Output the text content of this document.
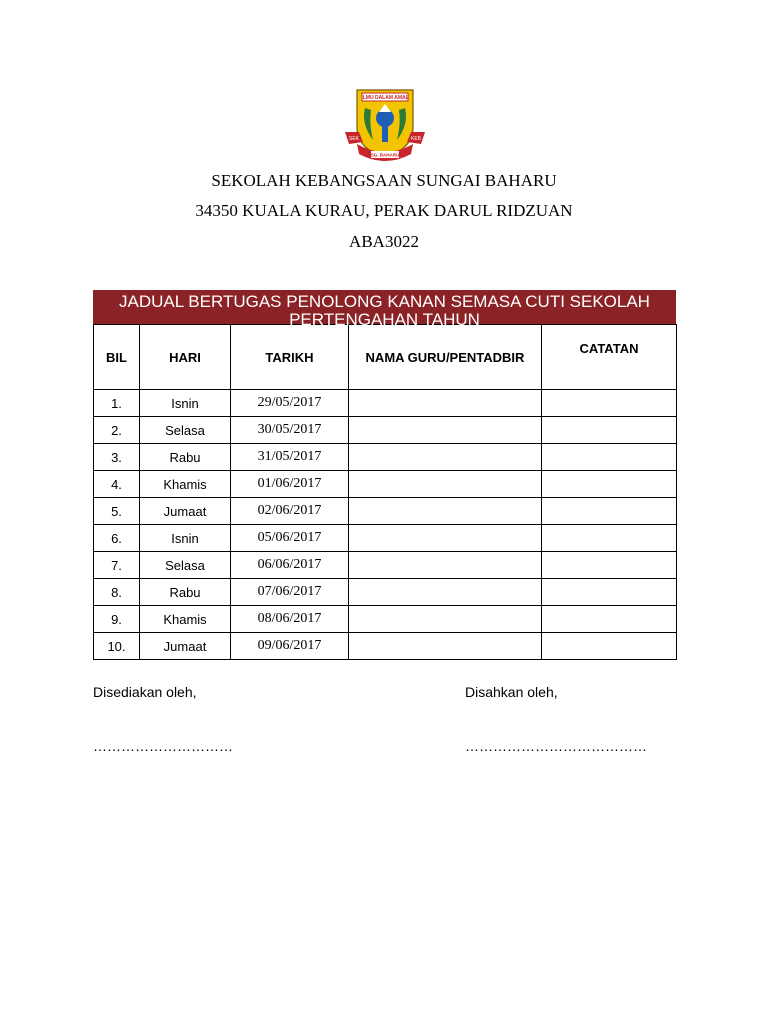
ILMU DALAM AMAL
SEK	KEB
SG. BAHARU
SEKOLAH KEBANGSAAN SUNGAI BAHARU
34350 KUALA KURAU, PERAK DARUL RIDZUAN
ABA3022
JADUAL BERTUGAS PENOLONG KANAN SEMASA CUTI SEKOLAH PERTENGAHAN TAHUN
BIL	HARI	TARIKH	NAMA GURU/PENTADBIR	CATATAN
1.	Isnin	29/05/2017		
2.	Selasa	30/05/2017		
3.	Rabu	31/05/2017		
4.	Khamis	01/06/2017		
5.	Jumaat	02/06/2017		
6.	Isnin	05/06/2017		
7.	Selasa	06/06/2017		
8.	Rabu	07/06/2017		
9.	Khamis	08/06/2017		
10.	Jumaat	09/06/2017		
Disediakan oleh,
…………………………
Disahkan oleh,
…………………………………
